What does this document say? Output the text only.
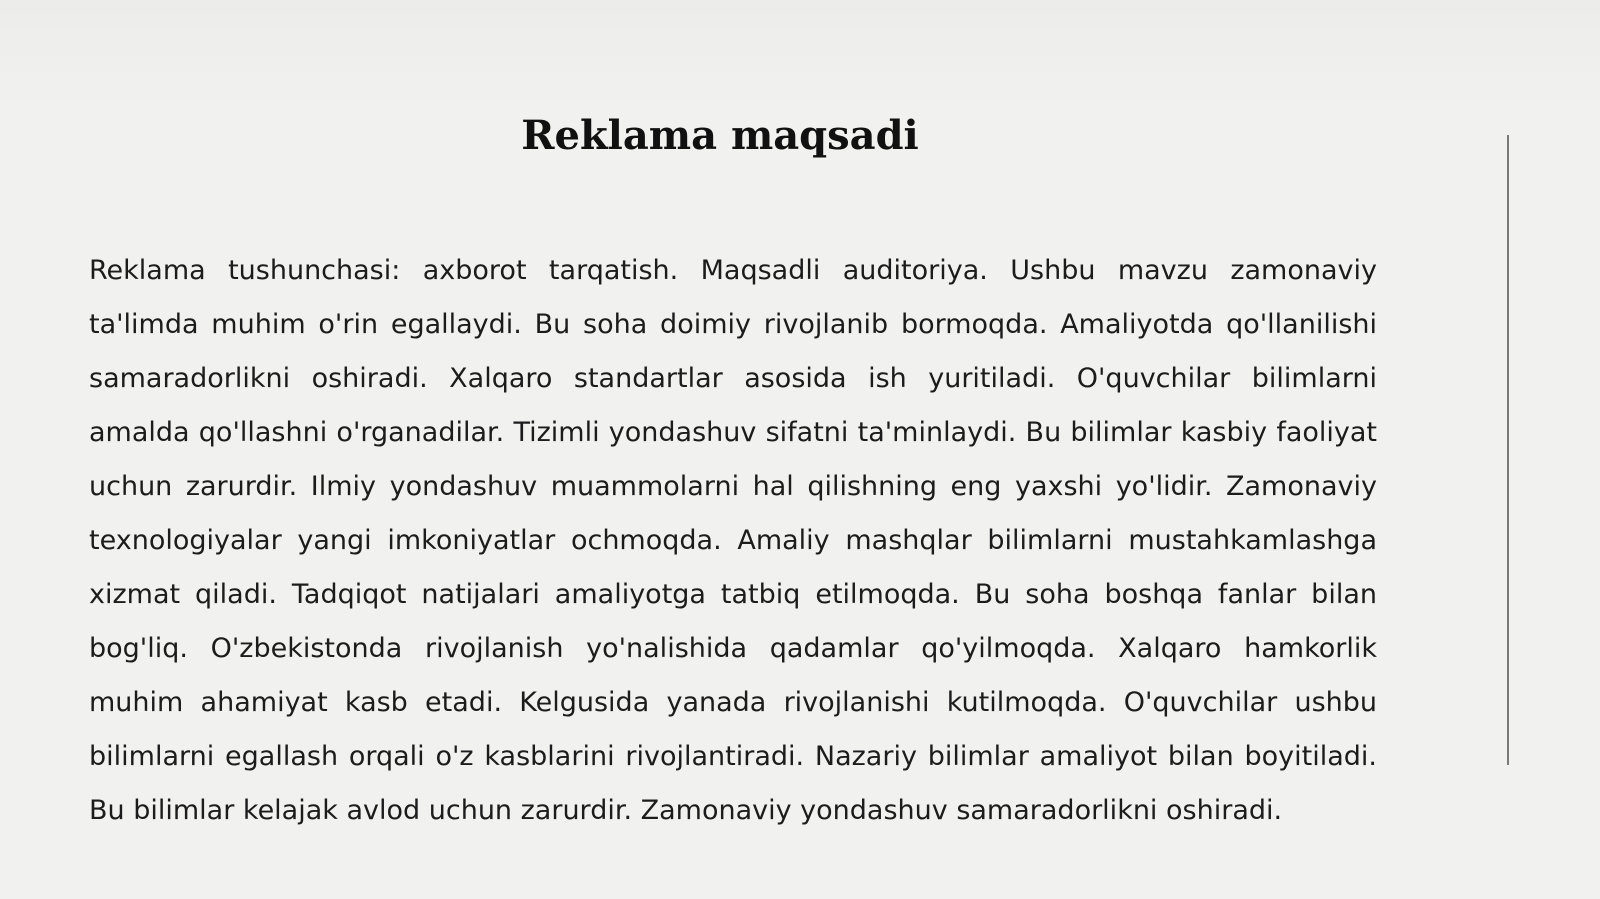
Reklama maqsadi

Reklama tushunchasi: axborot tarqatish. Maqsadli auditoriya. Ushbu mavzu zamonaviy ta'limda muhim o'rin egallaydi. Bu soha doimiy rivojlanib bormoqda. Amaliyotda qo'llanilishi samaradorlikni oshiradi. Xalqaro standartlar asosida ish yuritiladi. O'quvchilar bilimlarni amalda qo'llashni o'rganadilar. Tizimli yondashuv sifatni ta'minlaydi. Bu bilimlar kasbiy faoliyat uchun zarurdir. Ilmiy yondashuv muammolarni hal qilishning eng yaxshi yo'lidir. Zamonaviy texnologiyalar yangi imkoniyatlar ochmoqda. Amaliy mashqlar bilimlarni mustahkamlashga xizmat qiladi. Tadqiqot natijalari amaliyotga tatbiq etilmoqda. Bu soha boshqa fanlar bilan bog'liq. O'zbekistonda rivojlanish yo'nalishida qadamlar qo'yilmoqda. Xalqaro hamkorlik muhim ahamiyat kasb etadi. Kelgusida yanada rivojlanishi kutilmoqda. O'quvchilar ushbu bilimlarni egallash orqali o'z kasblarini rivojlantiradi. Nazariy bilimlar amaliyot bilan boyitiladi. Bu bilimlar kelajak avlod uchun zarurdir. Zamonaviy yondashuv samaradorlikni oshiradi.
